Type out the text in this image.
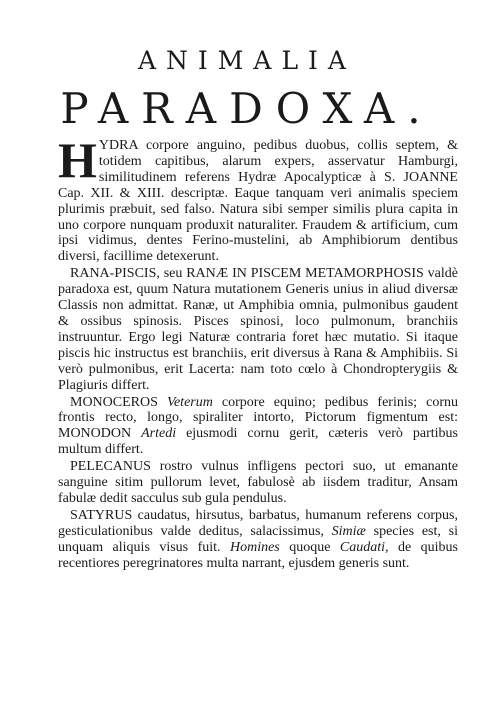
ANIMALIA
PARADOXA.

HYDRA corpore anguino, pedibus duobus, collis septem, & totidem capitibus, alarum expers, asservatur Hamburgi, similitudinem referens Hydræ Apocalypticæ à S. JOANNE Cap. XII. & XIII. descriptæ. Eaque tanquam veri animalis speciem plurimis præbuit, sed falso. Natura sibi semper similis plura capita in uno corpore nunquam produxit naturaliter. Fraudem & artificium, cum ipsi vidimus, dentes Ferino-mustelini, ab Amphibiorum dentibus diversi, facillime detexerunt.

RANA-PISCIS, seu RANÆ IN PISCEM METAMORPHOSIS valdè paradoxa est, quum Natura mutationem Generis unius in aliud diversæ Classis non admittat. Ranæ, ut Amphibia omnia, pulmonibus gaudent & ossibus spinosis. Pisces spinosi, loco pulmonum, branchiis instruuntur. Ergo legi Naturæ contraria foret hæc mutatio. Si itaque piscis hic instructus est branchiis, erit diversus à Rana & Amphibiis. Si verò pulmonibus, erit Lacerta: nam toto cœlo à Chondropterygiis & Plagiuris differt.

MONOCEROS Veterum corpore equino; pedibus ferinis; cornu frontis recto, longo, spiraliter intorto, Pictorum figmentum est: MONODON Artedi ejusmodi cornu gerit, cæteris verò partibus multum differt.

PELECANUS rostro vulnus infligens pectori suo, ut emanante sanguine sitim pullorum levet, fabulosè ab iisdem traditur, Ansam fabulæ dedit sacculus sub gula pendulus.

SATYRUS caudatus, hirsutus, barbatus, humanum referens corpus, gesticulationibus valde deditus, salacissimus, Simiæ species est, si unquam aliquis visus fuit. Homines quoque Caudati, de quibus recentiores peregrinatores multa narrant, ejusdem generis sunt.
